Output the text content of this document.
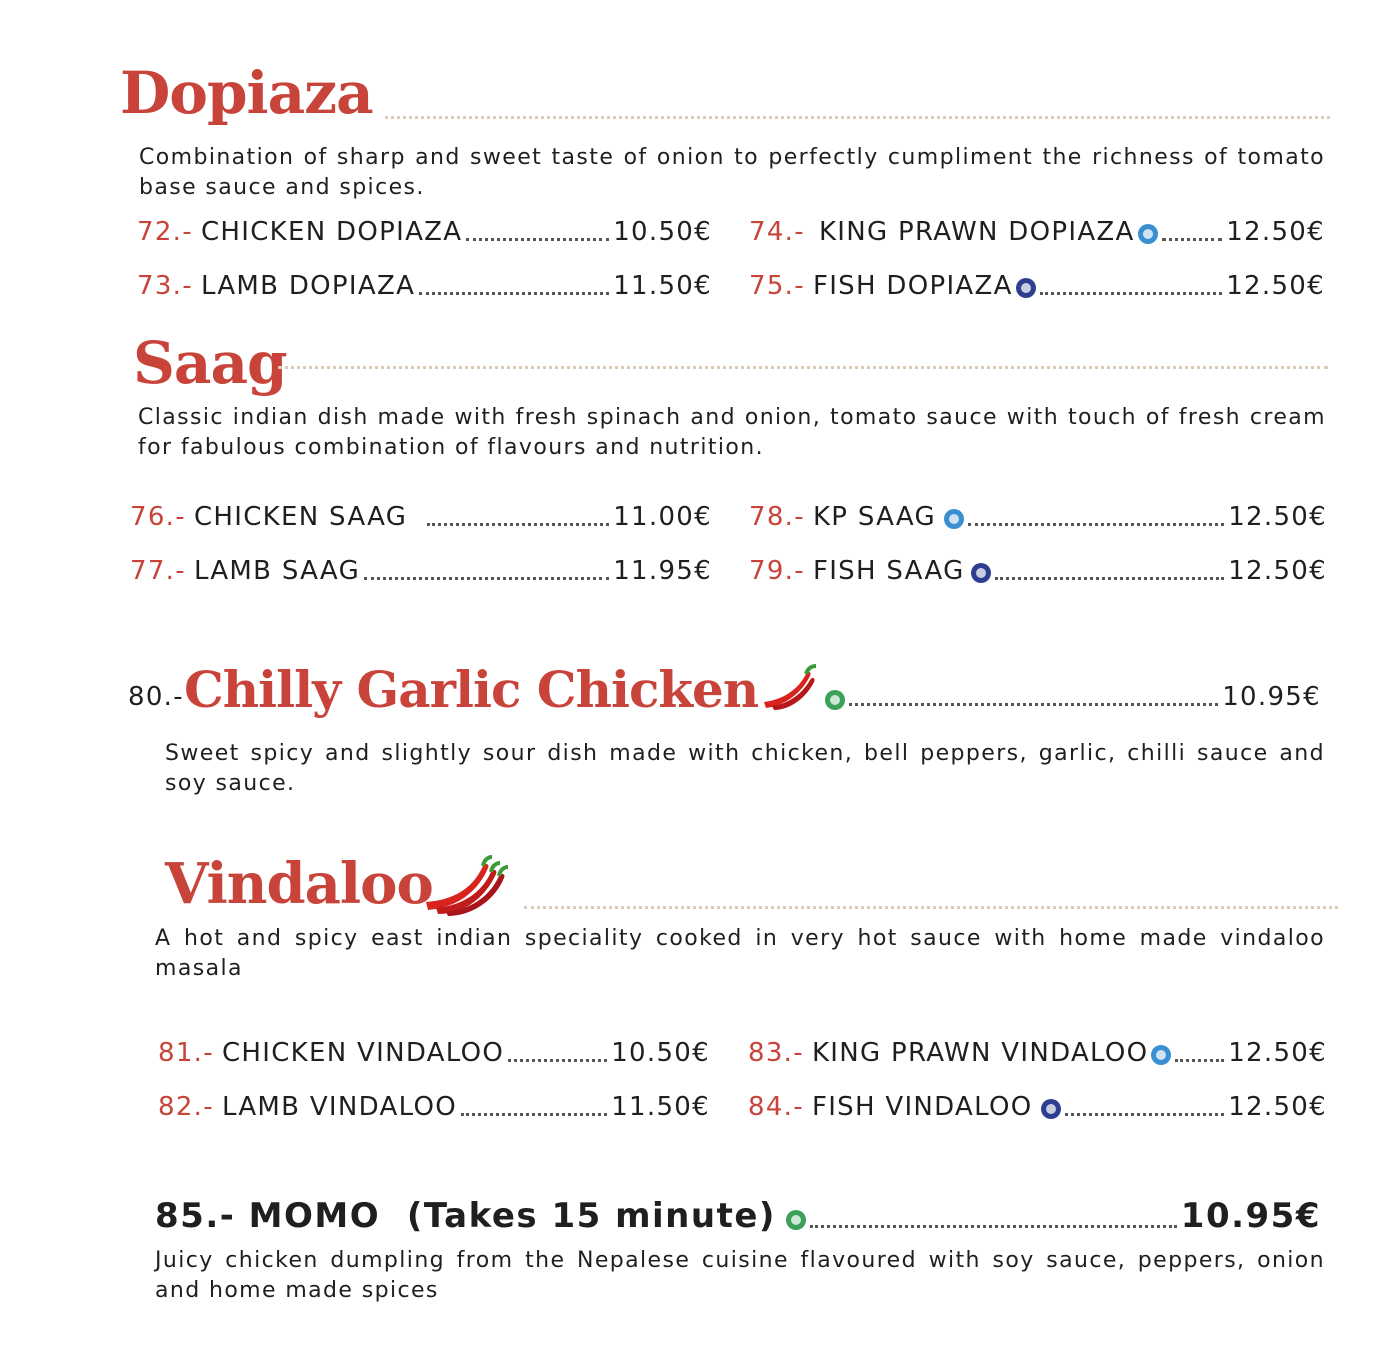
Dopiaza
Combination of sharp and sweet taste of onion to perfectly cumpliment the richness of tomato base sauce and spices.
72.- CHICKEN DOPIAZA	10.50€
73.- LAMB DOPIAZA	11.50€
74.- KING PRAWN DOPIAZA	12.50€
75.- FISH DOPIAZA	12.50€
Saag
Classic indian dish made with fresh spinach and onion, tomato sauce with touch of fresh cream for fabulous combination of flavours and nutrition.
76.- CHICKEN SAAG	11.00€
77.- LAMB SAAG	11.95€
78.- KP SAAG	12.50€
79.- FISH SAAG	12.50€
80.- Chilly Garlic Chicken	10.95€
Sweet spicy and slightly sour dish made with chicken, bell peppers, garlic, chilli sauce and soy sauce.
Vindaloo
A hot and spicy east indian speciality cooked in very hot sauce with home made vindaloo masala
81.- CHICKEN VINDALOO	10.50€
82.- LAMB VINDALOO	11.50€
83.- KING PRAWN VINDALOO	12.50€
84.- FISH VINDALOO	12.50€
85.- MOMO  (Takes 15 minute)	10.95€
Juicy chicken dumpling from the Nepalese cuisine flavoured with soy sauce, peppers, onion and home made spices
